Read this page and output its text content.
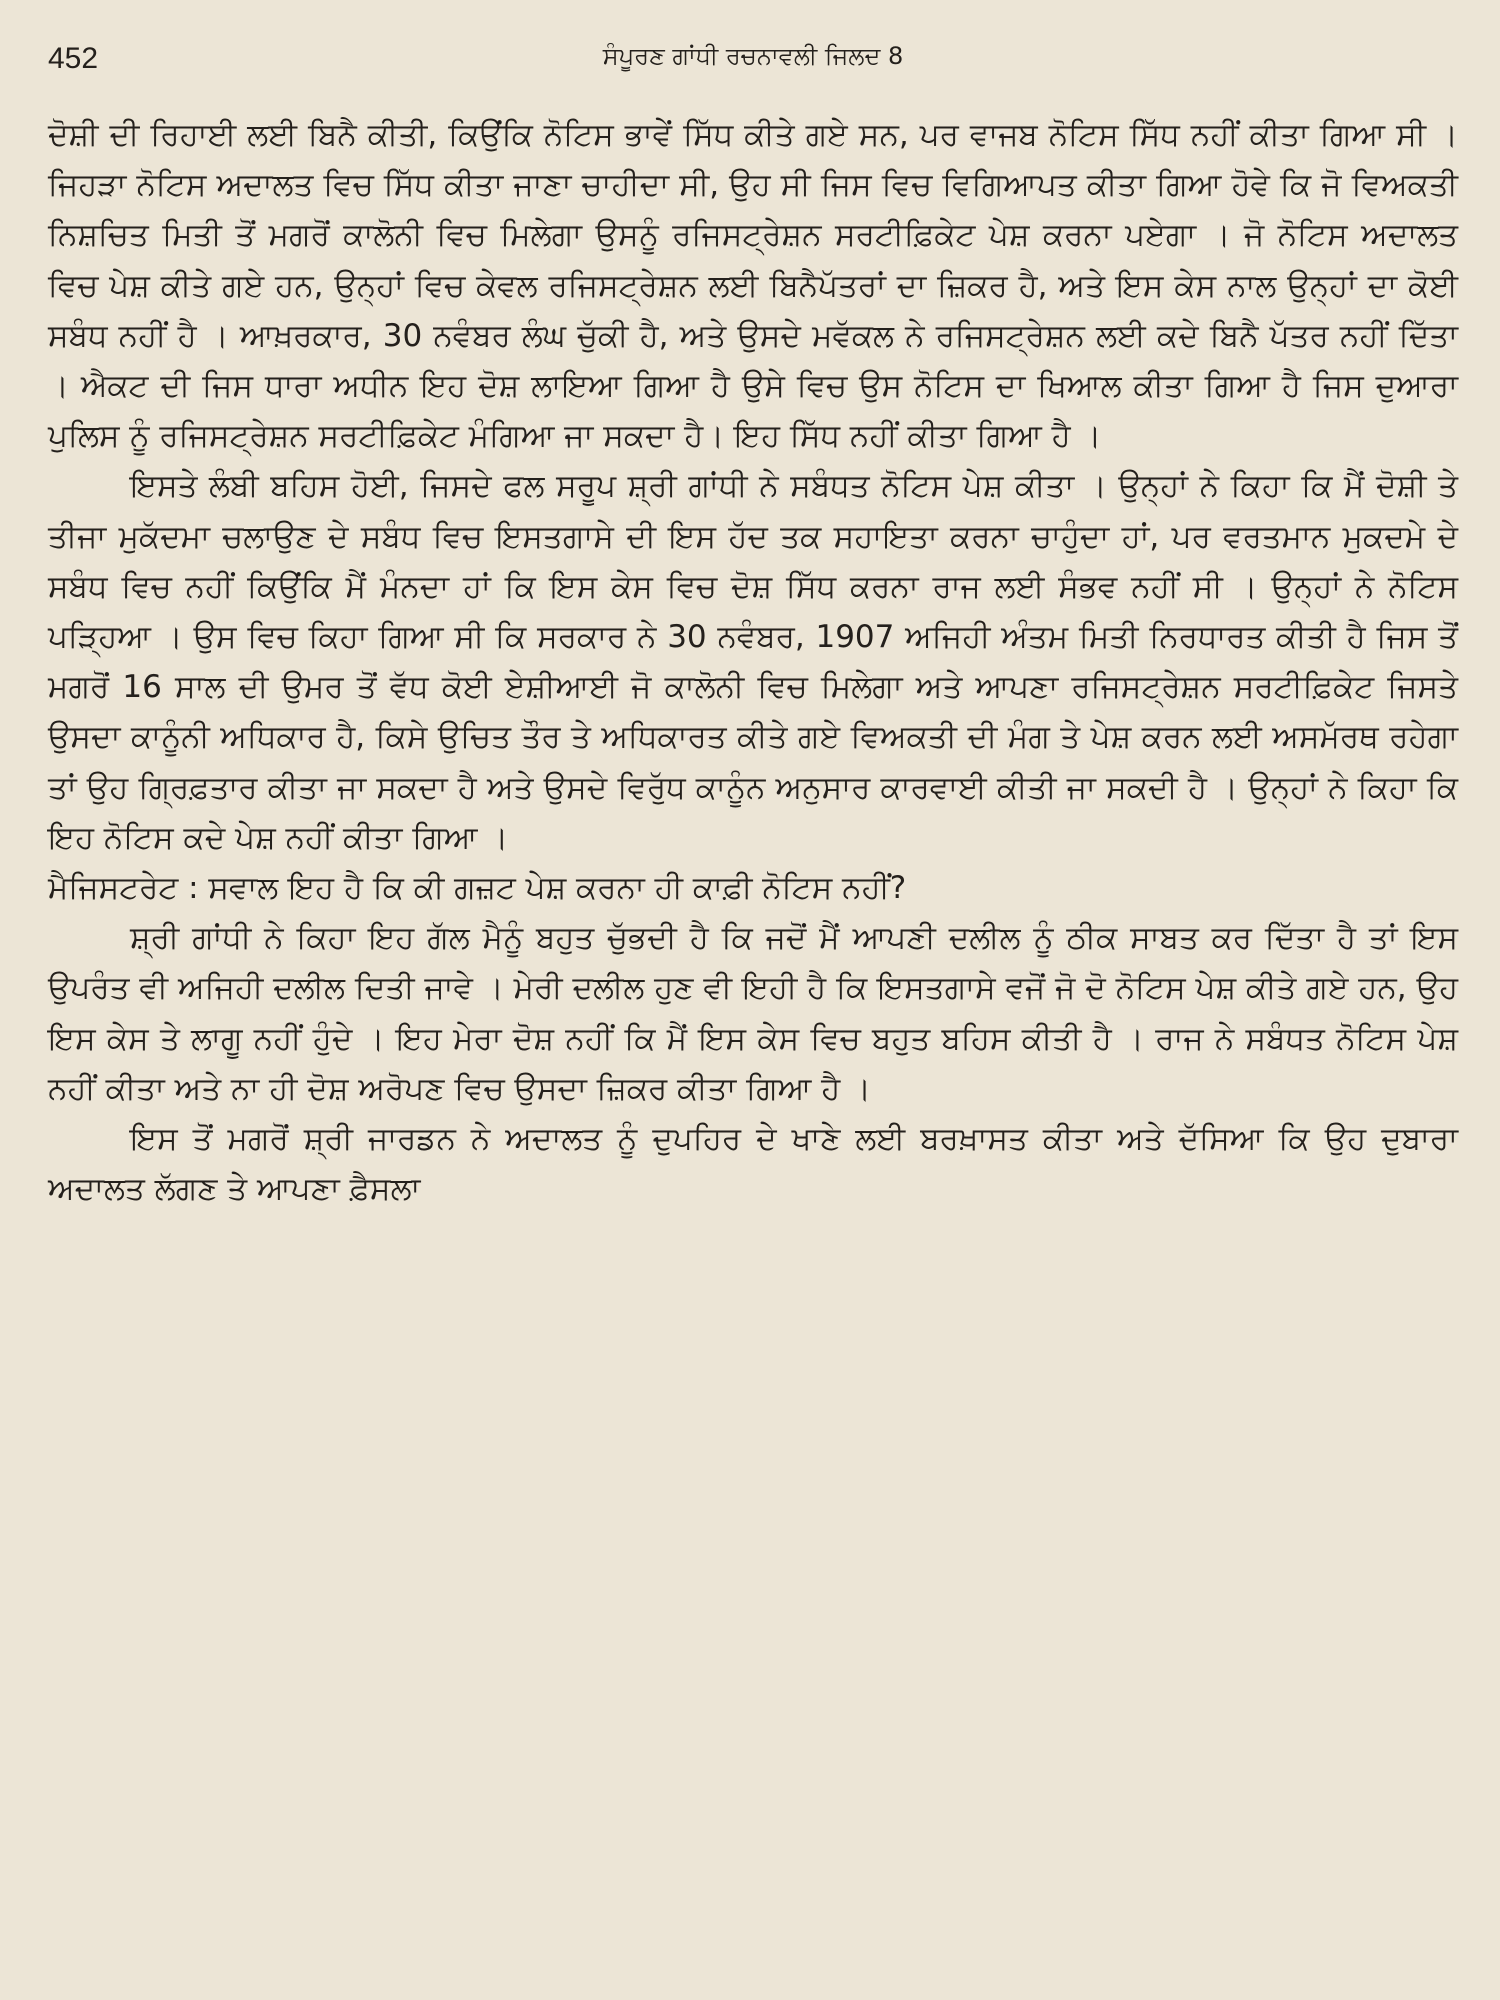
452	ਸੰਪੂਰਣ ਗਾਂਧੀ ਰਚਨਾਵਲੀ ਜਿਲਦ 8

ਦੋਸ਼ੀ ਦੀ ਰਿਹਾਈ ਲਈ ਬਿਨੈ ਕੀਤੀ, ਕਿਉਂਕਿ ਨੋਟਿਸ ਭਾਵੇਂ ਸਿੱਧ ਕੀਤੇ ਗਏ ਸਨ, ਪਰ ਵਾਜਬ ਨੋਟਿਸ ਸਿੱਧ ਨਹੀਂ ਕੀਤਾ ਗਿਆ ਸੀ । ਜਿਹੜਾ ਨੋਟਿਸ ਅਦਾਲਤ ਵਿਚ ਸਿੱਧ ਕੀਤਾ ਜਾਣਾ ਚਾਹੀਦਾ ਸੀ, ਉਹ ਸੀ ਜਿਸ ਵਿਚ ਵਿਗਿਆਪਤ ਕੀਤਾ ਗਿਆ ਹੋਵੇ ਕਿ ਜੋ ਵਿਅਕਤੀ ਨਿਸ਼ਚਿਤ ਮਿਤੀ ਤੋਂ ਮਗਰੋਂ ਕਾਲੋਨੀ ਵਿਚ ਮਿਲੇਗਾ ਉਸਨੂੰ ਰਜਿਸਟ੍ਰੇਸ਼ਨ ਸਰਟੀਫ਼ਿਕੇਟ ਪੇਸ਼ ਕਰਨਾ ਪਏਗਾ । ਜੋ ਨੋਟਿਸ ਅਦਾਲਤ ਵਿਚ ਪੇਸ਼ ਕੀਤੇ ਗਏ ਹਨ, ਉਨ੍ਹਾਂ ਵਿਚ ਕੇਵਲ ਰਜਿਸਟ੍ਰੇਸ਼ਨ ਲਈ ਬਿਨੈਪੱਤਰਾਂ ਦਾ ਜ਼ਿਕਰ ਹੈ, ਅਤੇ ਇਸ ਕੇਸ ਨਾਲ ਉਨ੍ਹਾਂ ਦਾ ਕੋਈ ਸਬੰਧ ਨਹੀਂ ਹੈ । ਆਖ਼ਰਕਾਰ, 30 ਨਵੰਬਰ ਲੰਘ ਚੁੱਕੀ ਹੈ, ਅਤੇ ਉਸਦੇ ਮਵੱਕਲ ਨੇ ਰਜਿਸਟ੍ਰੇਸ਼ਨ ਲਈ ਕਦੇ ਬਿਨੈ ਪੱਤਰ ਨਹੀਂ ਦਿੱਤਾ । ਐਕਟ ਦੀ ਜਿਸ ਧਾਰਾ ਅਧੀਨ ਇਹ ਦੋਸ਼ ਲਾਇਆ ਗਿਆ ਹੈ ਉਸੇ ਵਿਚ ਉਸ ਨੋਟਿਸ ਦਾ ਖਿਆਲ ਕੀਤਾ ਗਿਆ ਹੈ ਜਿਸ ਦੁਆਰਾ ਪੁਲਿਸ ਨੂੰ ਰਜਿਸਟ੍ਰੇਸ਼ਨ ਸਰਟੀਫ਼ਿਕੇਟ ਮੰਗਿਆ ਜਾ ਸਕਦਾ ਹੈ। ਇਹ ਸਿੱਧ ਨਹੀਂ ਕੀਤਾ ਗਿਆ ਹੈ ।

ਇਸਤੇ ਲੰਬੀ ਬਹਿਸ ਹੋਈ, ਜਿਸਦੇ ਫਲ ਸਰੂਪ ਸ਼੍ਰੀ ਗਾਂਧੀ ਨੇ ਸਬੰਧਤ ਨੋਟਿਸ ਪੇਸ਼ ਕੀਤਾ । ਉਨ੍ਹਾਂ ਨੇ ਕਿਹਾ ਕਿ ਮੈਂ ਦੋਸ਼ੀ ਤੇ ਤੀਜਾ ਮੁਕੱਦਮਾ ਚਲਾਉਣ ਦੇ ਸਬੰਧ ਵਿਚ ਇਸਤਗਾਸੇ ਦੀ ਇਸ ਹੱਦ ਤਕ ਸਹਾਇਤਾ ਕਰਨਾ ਚਾਹੁੰਦਾ ਹਾਂ, ਪਰ ਵਰਤਮਾਨ ਮੁਕਦਮੇ ਦੇ ਸਬੰਧ ਵਿਚ ਨਹੀਂ ਕਿਉਂਕਿ ਮੈਂ ਮੰਨਦਾ ਹਾਂ ਕਿ ਇਸ ਕੇਸ ਵਿਚ ਦੋਸ਼ ਸਿੱਧ ਕਰਨਾ ਰਾਜ ਲਈ ਸੰਭਵ ਨਹੀਂ ਸੀ । ਉਨ੍ਹਾਂ ਨੇ ਨੋਟਿਸ ਪੜ੍ਹਿਆ । ਉਸ ਵਿਚ ਕਿਹਾ ਗਿਆ ਸੀ ਕਿ ਸਰਕਾਰ ਨੇ 30 ਨਵੰਬਰ, 1907 ਅਜਿਹੀ ਅੰਤਮ ਮਿਤੀ ਨਿਰਧਾਰਤ ਕੀਤੀ ਹੈ ਜਿਸ ਤੋਂ ਮਗਰੋਂ 16 ਸਾਲ ਦੀ ਉਮਰ ਤੋਂ ਵੱਧ ਕੋਈ ਏਸ਼ੀਆਈ ਜੋ ਕਾਲੋਨੀ ਵਿਚ ਮਿਲੇਗਾ ਅਤੇ ਆਪਣਾ ਰਜਿਸਟ੍ਰੇਸ਼ਨ ਸਰਟੀਫ਼ਿਕੇਟ ਜਿਸਤੇ ਉਸਦਾ ਕਾਨੂੰਨੀ ਅਧਿਕਾਰ ਹੈ, ਕਿਸੇ ਉਚਿਤ ਤੌਰ ਤੇ ਅਧਿਕਾਰਤ ਕੀਤੇ ਗਏ ਵਿਅਕਤੀ ਦੀ ਮੰਗ ਤੇ ਪੇਸ਼ ਕਰਨ ਲਈ ਅਸਮੱਰਥ ਰਹੇਗਾ ਤਾਂ ਉਹ ਗ੍ਰਿਫ਼ਤਾਰ ਕੀਤਾ ਜਾ ਸਕਦਾ ਹੈ ਅਤੇ ਉਸਦੇ ਵਿਰੁੱਧ ਕਾਨੂੰਨ ਅਨੁਸਾਰ ਕਾਰਵਾਈ ਕੀਤੀ ਜਾ ਸਕਦੀ ਹੈ । ਉਨ੍ਹਾਂ ਨੇ ਕਿਹਾ ਕਿ ਇਹ ਨੋਟਿਸ ਕਦੇ ਪੇਸ਼ ਨਹੀਂ ਕੀਤਾ ਗਿਆ ।

ਮੈਜਿਸਟਰੇਟ : ਸਵਾਲ ਇਹ ਹੈ ਕਿ ਕੀ ਗਜ਼ਟ ਪੇਸ਼ ਕਰਨਾ ਹੀ ਕਾਫ਼ੀ ਨੋਟਿਸ ਨਹੀਂ?

ਸ਼੍ਰੀ ਗਾਂਧੀ ਨੇ ਕਿਹਾ ਇਹ ਗੱਲ ਮੈਨੂੰ ਬਹੁਤ ਚੁੱਭਦੀ ਹੈ ਕਿ ਜਦੋਂ ਮੈਂ ਆਪਣੀ ਦਲੀਲ ਨੂੰ ਠੀਕ ਸਾਬਤ ਕਰ ਦਿੱਤਾ ਹੈ ਤਾਂ ਇਸ ਉਪਰੰਤ ਵੀ ਅਜਿਹੀ ਦਲੀਲ ਦਿਤੀ ਜਾਵੇ । ਮੇਰੀ ਦਲੀਲ ਹੁਣ ਵੀ ਇਹੀ ਹੈ ਕਿ ਇਸਤਗਾਸੇ ਵਜੋਂ ਜੋ ਦੋ ਨੋਟਿਸ ਪੇਸ਼ ਕੀਤੇ ਗਏ ਹਨ, ਉਹ ਇਸ ਕੇਸ ਤੇ ਲਾਗੂ ਨਹੀਂ ਹੁੰਦੇ । ਇਹ ਮੇਰਾ ਦੋਸ਼ ਨਹੀਂ ਕਿ ਮੈਂ ਇਸ ਕੇਸ ਵਿਚ ਬਹੁਤ ਬਹਿਸ ਕੀਤੀ ਹੈ । ਰਾਜ ਨੇ ਸਬੰਧਤ ਨੋਟਿਸ ਪੇਸ਼ ਨਹੀਂ ਕੀਤਾ ਅਤੇ ਨਾ ਹੀ ਦੋਸ਼ ਅਰੋਪਣ ਵਿਚ ਉਸਦਾ ਜ਼ਿਕਰ ਕੀਤਾ ਗਿਆ ਹੈ ।

ਇਸ ਤੋਂ ਮਗਰੋਂ ਸ਼੍ਰੀ ਜਾਰਡਨ ਨੇ ਅਦਾਲਤ ਨੂੰ ਦੁਪਹਿਰ ਦੇ ਖਾਣੇ ਲਈ ਬਰਖ਼ਾਸਤ ਕੀਤਾ ਅਤੇ ਦੱਸਿਆ ਕਿ ਉਹ ਦੁਬਾਰਾ ਅਦਾਲਤ ਲੱਗਣ ਤੇ ਆਪਣਾ ਫ਼ੈਸਲਾ
